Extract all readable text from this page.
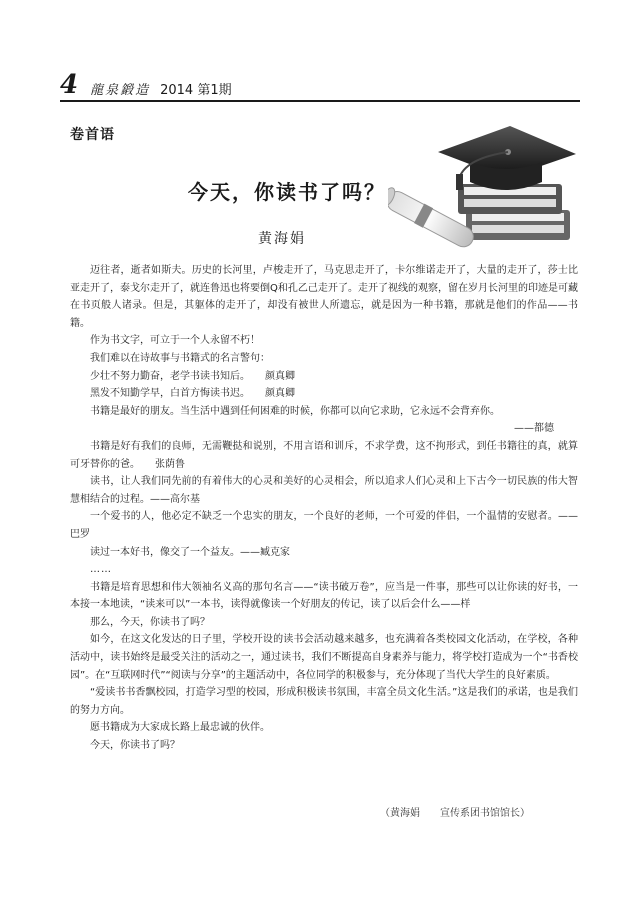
4 龍泉鍛造 2014 第1期
卷首语
今天，你读书了吗？
黄海娟

迈往者，逝者如斯夫。历史的长河里，卢梭走开了，马克思走开了，卡尔维诺走开了，大量的走开了，莎士比亚走开了，泰戈尔走开了，就连鲁迅也将要倒Q和孔乙己走开了。走开了视线的观察，留在岁月长河里的印迹是可藏在书页般人诸录。但是，其躯体的走开了，却没有被世人所遗忘，就是因为一种书籍，那就是他们的作品——书籍。

作为书文字，可立于一个人永留不朽！

我们难以在诗故事与书籍式的名言警句：

少壮不努力勤奋，老学书读书知后。　　颜真卿

黑发不知勤学早，白首方悔读书迟。　　颜真卿

书籍是最好的朋友。当生活中遇到任何困难的时候，你都可以向它求助，它永远不会背弃你。

——都德

书籍是好有我们的良师，无需鞭挞和说别，不用言语和训斥，不求学费，这不拘形式，到任书籍往的真，就算可牙替你的爸。　　张荫鲁

读书，让人我们同先前的有着伟大的心灵和美好的心灵相会，所以追求人们心灵和上下古今一切民族的伟大智慧相结合的过程。——高尔基

一个爱书的人，他必定不缺乏一个忠实的朋友，一个良好的老师，一个可爱的伴侣，一个温情的安慰者。——巴罗

读过一本好书，像交了一个益友。——臧克家

……

书籍是培育思想和伟大领袖名义高的那句名言——“读书破万卷”，应当是一件事，那些可以让你读的好书，一本接一本地读，“读来可以”一本书，读得就像读一个好朋友的传记，读了以后会什么——样

那么，今天，你读书了吗？

如今，在这文化发达的日子里，学校开设的读书会活动越来越多，也充满着各类校园文化活动，在学校，各种活动中，读书始终是最受关注的活动之一，通过读书，我们不断提高自身素养与能力，将学校打造成为一个“书香校园”。在“互联网时代”“阅读与分享”的主题活动中，各位同学的积极参与，充分体现了当代大学生的良好素质。

“爱读书书香飘校园，打造学习型的校园，形成积极读书氛围，丰富全员文化生活。”这是我们的承诺，也是我们的努力方向。

愿书籍成为大家成长路上最忠诚的伙伴。

今天，你读书了吗？

（黄海娟　　宣传系团书馆馆长）
